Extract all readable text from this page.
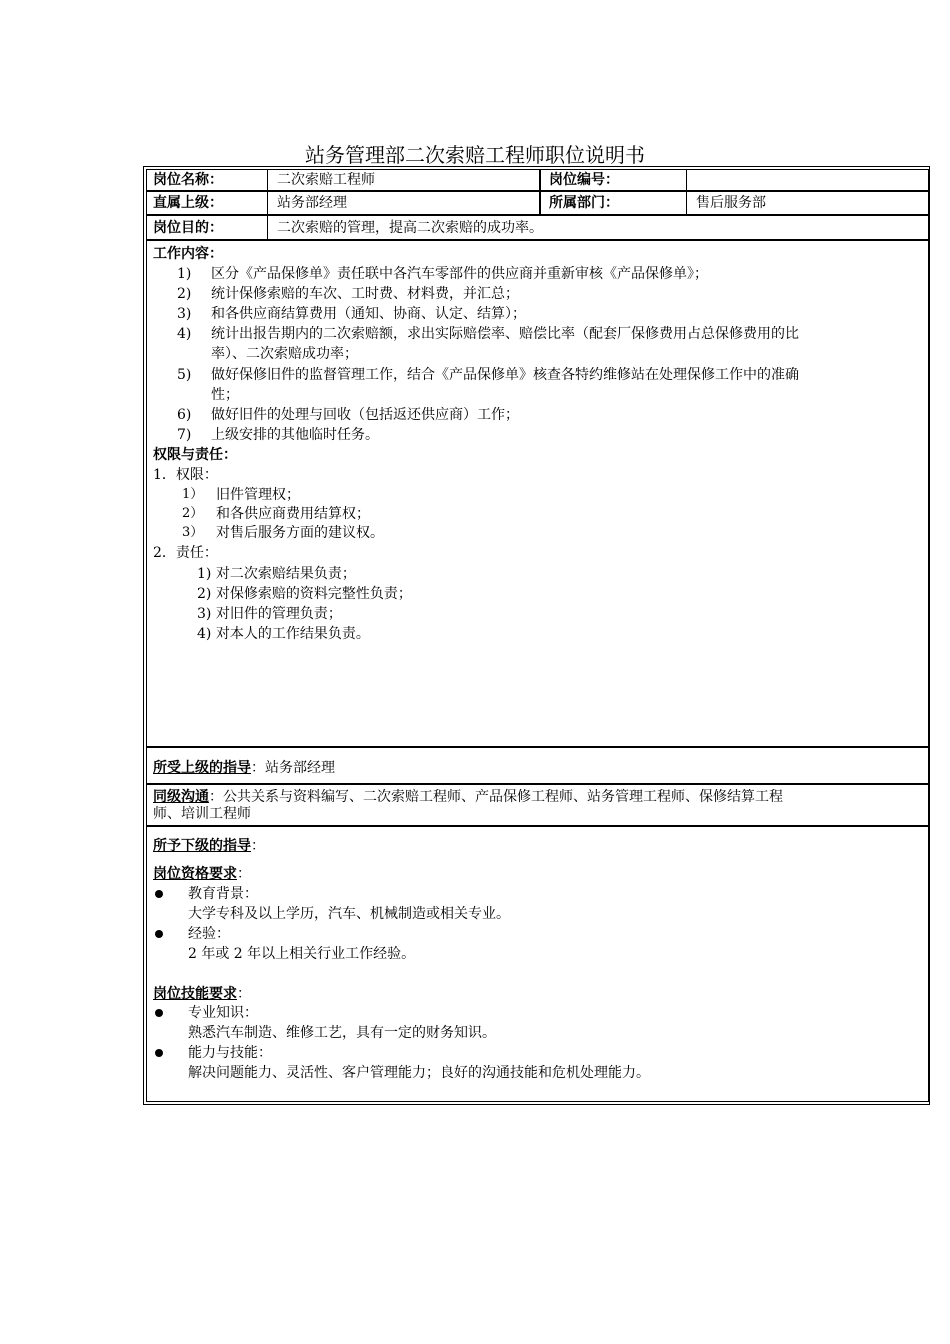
站务管理部二次索赔工程师职位说明书
岗位名称：	二次索赔工程师	岗位编号：
直属上级：	站务部经理	所属部门：	售后服务部
岗位目的：	二次索赔的管理，提高二次索赔的成功率。
工作内容：
1) 区分《产品保修单》责任联中各汽车零部件的供应商并重新审核《产品保修单》；
2) 统计保修索赔的车次、工时费、材料费，并汇总；
3) 和各供应商结算费用（通知、协商、认定、结算）；
4) 统计出报告期内的二次索赔额，求出实际赔偿率、赔偿比率（配套厂保修费用占总保修费用的比
率）、二次索赔成功率；
5) 做好保修旧件的监督管理工作，结合《产品保修单》核查各特约维修站在处理保修工作中的准确
性；
6) 做好旧件的处理与回收（包括返还供应商）工作；
7) 上级安排的其他临时任务。
权限与责任：
1．权限：
1） 旧件管理权；
2） 和各供应商费用结算权；
3） 对售后服务方面的建议权。
2．责任：
1) 对二次索赔结果负责；
2) 对保修索赔的资料完整性负责；
3) 对旧件的管理负责；
4) 对本人的工作结果负责。
所受上级的指导：站务部经理
同级沟通：公共关系与资料编写、二次索赔工程师、产品保修工程师、站务管理工程师、保修结算工程
师、培训工程师
所予下级的指导：
岗位资格要求：
教育背景：
大学专科及以上学历，汽车、机械制造或相关专业。
经验：
2 年或 2 年以上相关行业工作经验。
岗位技能要求：
专业知识：
熟悉汽车制造、维修工艺，具有一定的财务知识。
能力与技能：
解决问题能力、灵活性、客户管理能力；良好的沟通技能和危机处理能力。
